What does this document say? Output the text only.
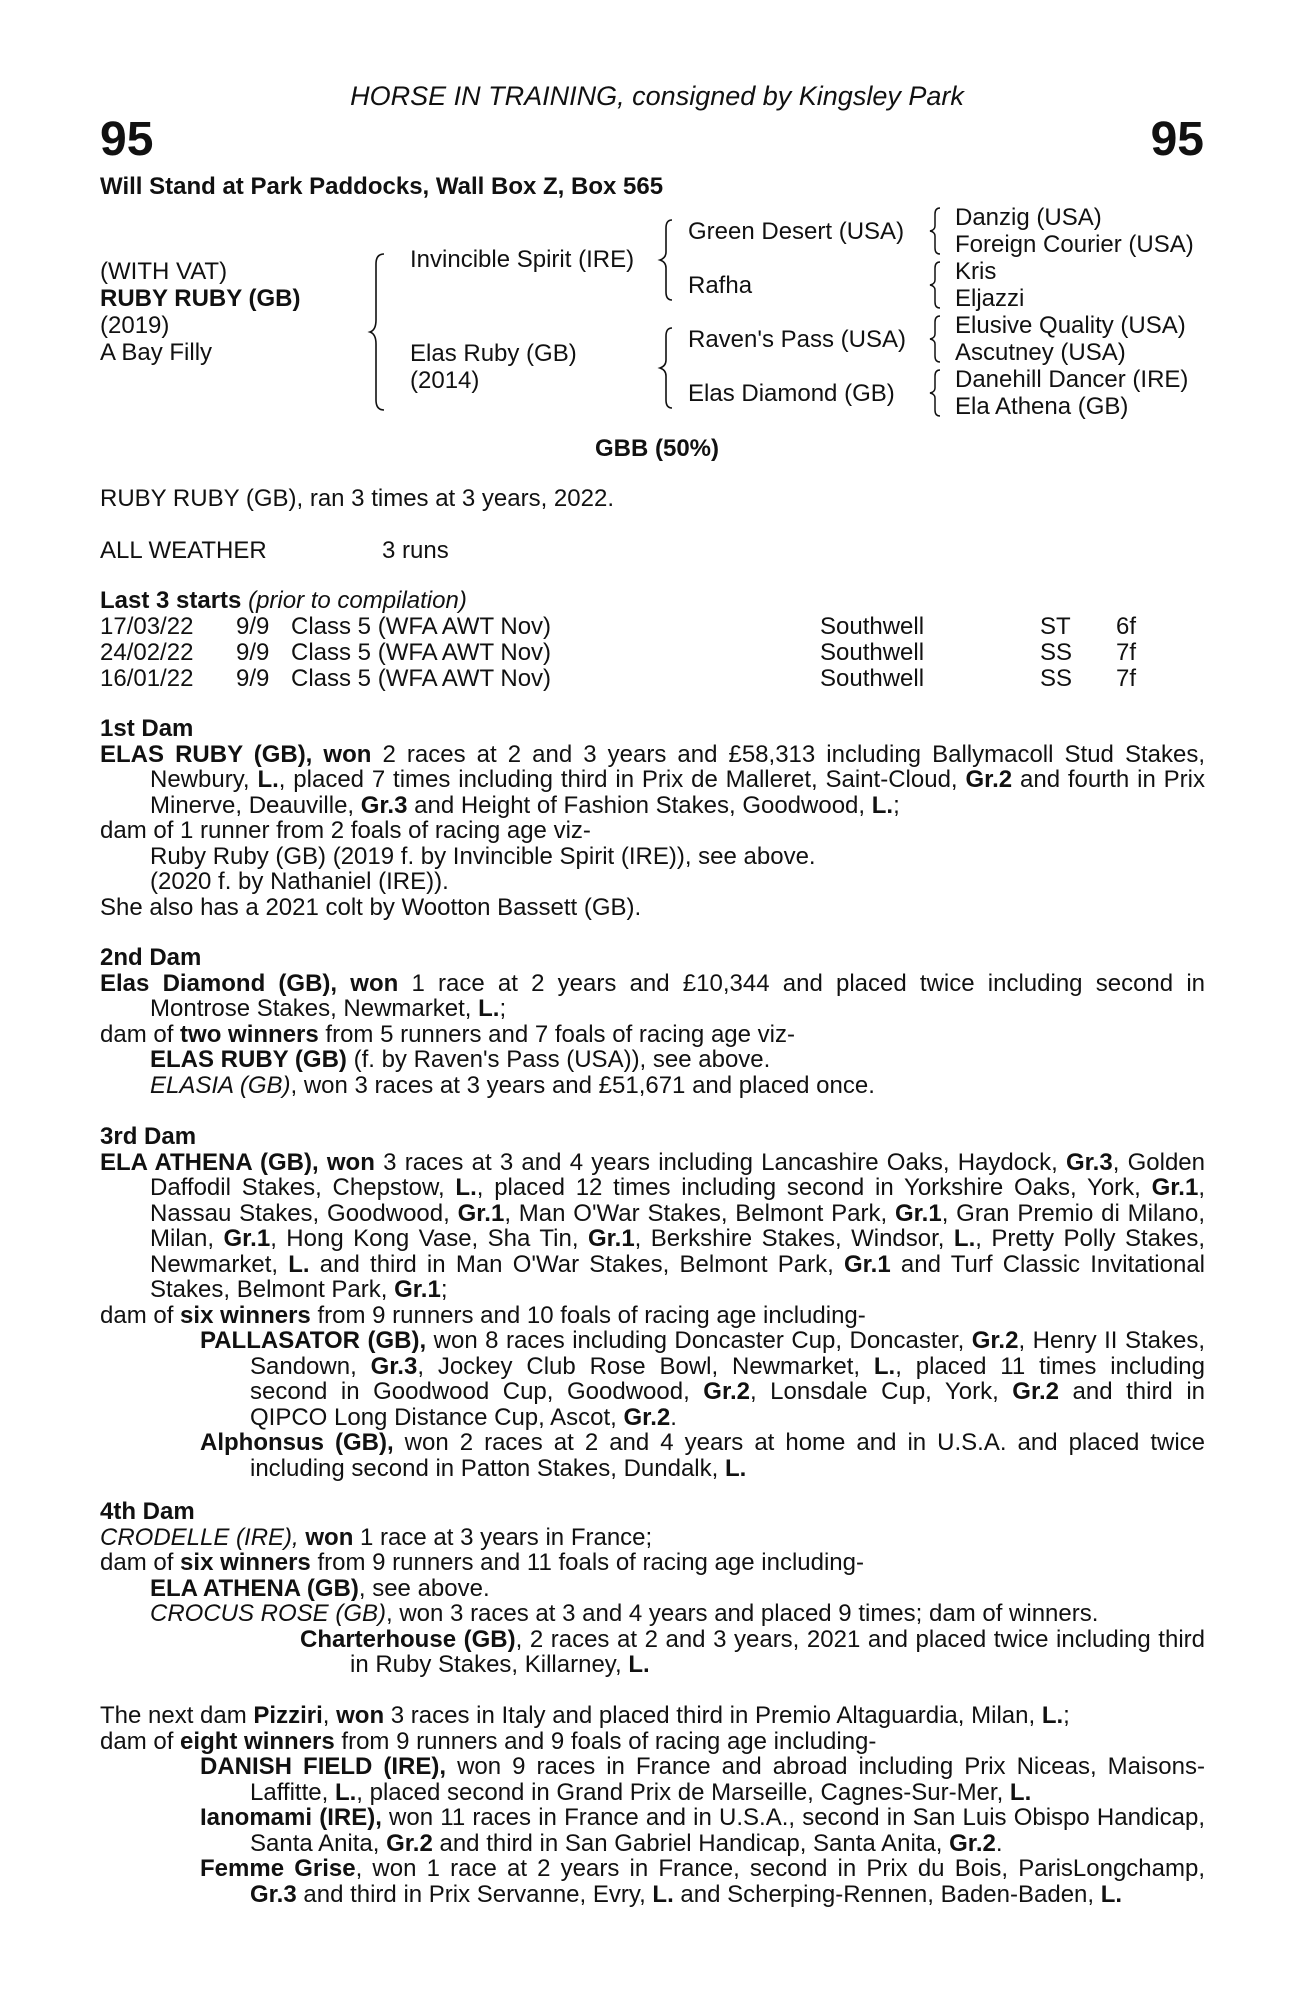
HORSE IN TRAINING, consigned by Kingsley Park
95	95
Will Stand at Park Paddocks, Wall Box Z, Box 565
(WITH VAT)
RUBY RUBY (GB)
(2019)
A Bay Filly
Invincible Spirit (IRE)
Elas Ruby (GB)
(2014)
Green Desert (USA)
Rafha
Raven's Pass (USA)
Elas Diamond (GB)
Danzig (USA)
Foreign Courier (USA)
Kris
Eljazzi
Elusive Quality (USA)
Ascutney (USA)
Danehill Dancer (IRE)
Ela Athena (GB)
GBB (50%)
RUBY RUBY (GB), ran 3 times at 3 years, 2022.
ALL WEATHER	3 runs
Last 3 starts (prior to compilation)
17/03/22 9/9 Class 5 (WFA AWT Nov)	Southwell	ST 6f
24/02/22 9/9 Class 5 (WFA AWT Nov)	Southwell	SS 7f
16/01/22 9/9 Class 5 (WFA AWT Nov)	Southwell	SS 7f
1st Dam
ELAS RUBY (GB), won 2 races at 2 and 3 years and £58,313 including Ballymacoll Stud Stakes, Newbury, L., placed 7 times including third in Prix de Malleret, Saint-Cloud, Gr.2 and fourth in Prix Minerve, Deauville, Gr.3 and Height of Fashion Stakes, Goodwood, L.;
dam of 1 runner from 2 foals of racing age viz-
Ruby Ruby (GB) (2019 f. by Invincible Spirit (IRE)), see above.
(2020 f. by Nathaniel (IRE)).
She also has a 2021 colt by Wootton Bassett (GB).
2nd Dam
Elas Diamond (GB), won 1 race at 2 years and £10,344 and placed twice including second in Montrose Stakes, Newmarket, L.;
dam of two winners from 5 runners and 7 foals of racing age viz-
ELAS RUBY (GB) (f. by Raven's Pass (USA)), see above.
ELASIA (GB), won 3 races at 3 years and £51,671 and placed once.
3rd Dam
ELA ATHENA (GB), won 3 races at 3 and 4 years including Lancashire Oaks, Haydock, Gr.3, Golden Daffodil Stakes, Chepstow, L., placed 12 times including second in Yorkshire Oaks, York, Gr.1, Nassau Stakes, Goodwood, Gr.1, Man O'War Stakes, Belmont Park, Gr.1, Gran Premio di Milano, Milan, Gr.1, Hong Kong Vase, Sha Tin, Gr.1, Berkshire Stakes, Windsor, L., Pretty Polly Stakes, Newmarket, L. and third in Man O'War Stakes, Belmont Park, Gr.1 and Turf Classic Invitational Stakes, Belmont Park, Gr.1;
dam of six winners from 9 runners and 10 foals of racing age including-
PALLASATOR (GB), won 8 races including Doncaster Cup, Doncaster, Gr.2, Henry II Stakes, Sandown, Gr.3, Jockey Club Rose Bowl, Newmarket, L., placed 11 times including second in Goodwood Cup, Goodwood, Gr.2, Lonsdale Cup, York, Gr.2 and third in QIPCO Long Distance Cup, Ascot, Gr.2.
Alphonsus (GB), won 2 races at 2 and 4 years at home and in U.S.A. and placed twice including second in Patton Stakes, Dundalk, L.
4th Dam
CRODELLE (IRE), won 1 race at 3 years in France;
dam of six winners from 9 runners and 11 foals of racing age including-
ELA ATHENA (GB), see above.
CROCUS ROSE (GB), won 3 races at 3 and 4 years and placed 9 times; dam of winners.
Charterhouse (GB), 2 races at 2 and 3 years, 2021 and placed twice including third in Ruby Stakes, Killarney, L.
The next dam Pizziri, won 3 races in Italy and placed third in Premio Altaguardia, Milan, L.;
dam of eight winners from 9 runners and 9 foals of racing age including-
DANISH FIELD (IRE), won 9 races in France and abroad including Prix Niceas, Maisons-Laffitte, L., placed second in Grand Prix de Marseille, Cagnes-Sur-Mer, L.
Ianomami (IRE), won 11 races in France and in U.S.A., second in San Luis Obispo Handicap, Santa Anita, Gr.2 and third in San Gabriel Handicap, Santa Anita, Gr.2.
Femme Grise, won 1 race at 2 years in France, second in Prix du Bois, ParisLongchamp, Gr.3 and third in Prix Servanne, Evry, L. and Scherping-Rennen, Baden-Baden, L.
